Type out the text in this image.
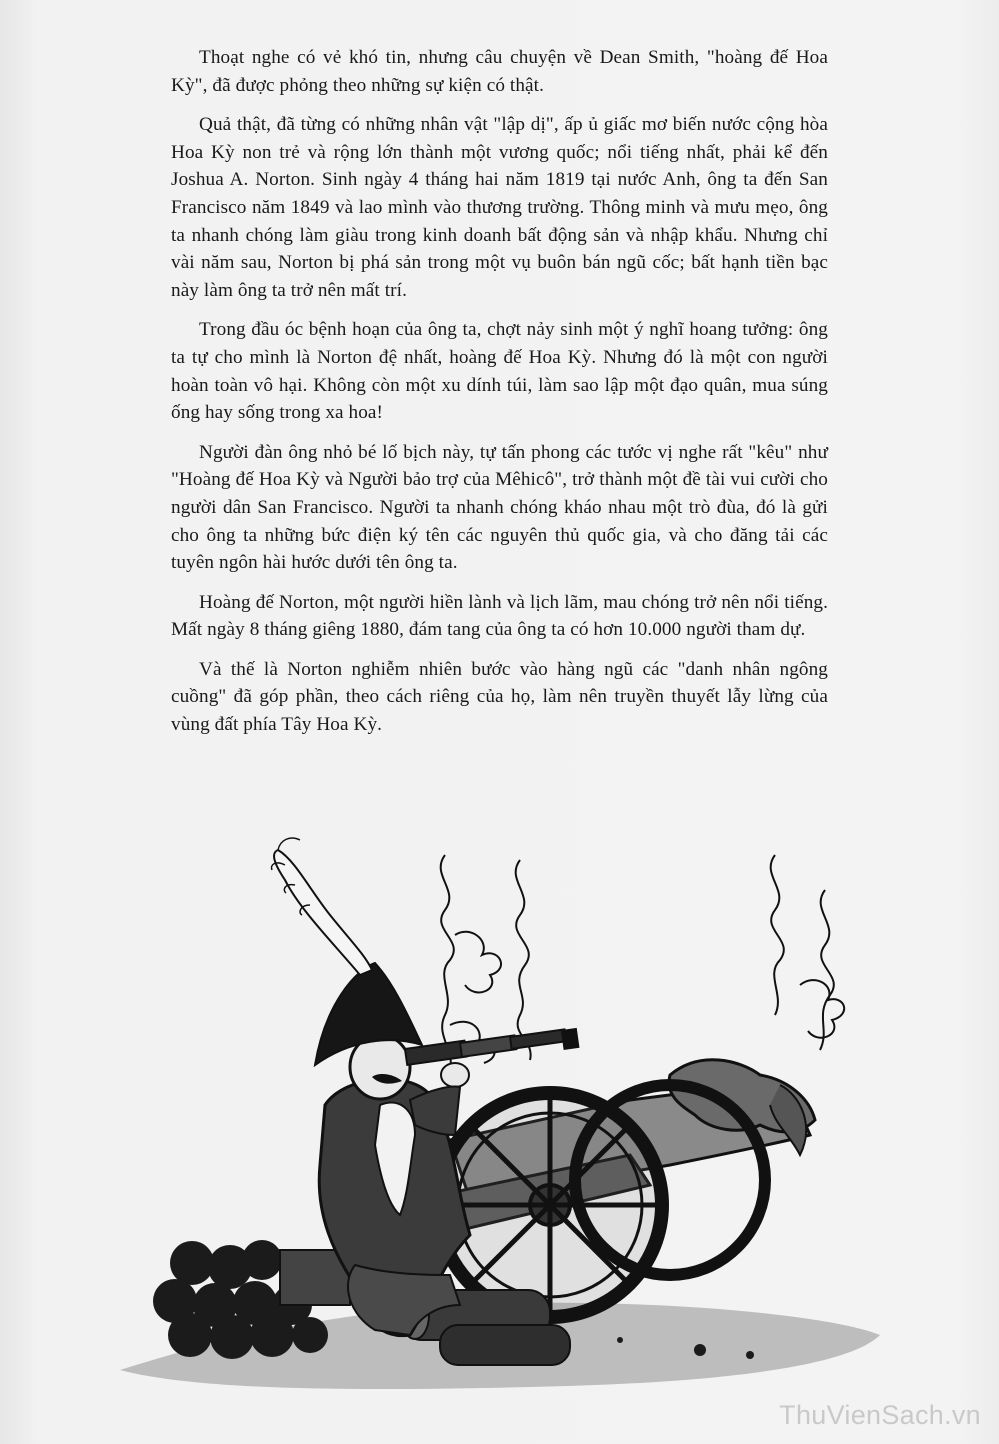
Thoạt nghe có vẻ khó tin, nhưng câu chuyện về Dean Smith, "hoàng đế Hoa Kỳ", đã được phỏng theo những sự kiện có thật.

Quả thật, đã từng có những nhân vật "lập dị", ấp ủ giấc mơ biến nước cộng hòa Hoa Kỳ non trẻ và rộng lớn thành một vương quốc; nổi tiếng nhất, phải kể đến Joshua A. Norton. Sinh ngày 4 tháng hai năm 1819 tại nước Anh, ông ta đến San Francisco năm 1849 và lao mình vào thương trường. Thông minh và mưu mẹo, ông ta nhanh chóng làm giàu trong kinh doanh bất động sản và nhập khẩu. Nhưng chỉ vài năm sau, Norton bị phá sản trong một vụ buôn bán ngũ cốc; bất hạnh tiền bạc này làm ông ta trở nên mất trí.

Trong đầu óc bệnh hoạn của ông ta, chợt nảy sinh một ý nghĩ hoang tưởng: ông ta tự cho mình là Norton đệ nhất, hoàng đế Hoa Kỳ. Nhưng đó là một con người hoàn toàn vô hại. Không còn một xu dính túi, làm sao lập một đạo quân, mua súng ống hay sống trong xa hoa!

Người đàn ông nhỏ bé lố bịch này, tự tấn phong các tước vị nghe rất "kêu" như "Hoàng đế Hoa Kỳ và Người bảo trợ của Mêhicô", trở thành một đề tài vui cười cho người dân San Francisco. Người ta nhanh chóng kháo nhau một trò đùa, đó là gửi cho ông ta những bức điện ký tên các nguyên thủ quốc gia, và cho đăng tải các tuyên ngôn hài hước dưới tên ông ta.

Hoàng đế Norton, một người hiền lành và lịch lãm, mau chóng trở nên nổi tiếng. Mất ngày 8 tháng giêng 1880, đám tang của ông ta có hơn 10.000 người tham dự.

Và thế là Norton nghiễm nhiên bước vào hàng ngũ các "danh nhân ngông cuồng" đã góp phần, theo cách riêng của họ, làm nên truyền thuyết lẫy lừng của vùng đất phía Tây Hoa Kỳ.

ThuVienSach.vn
